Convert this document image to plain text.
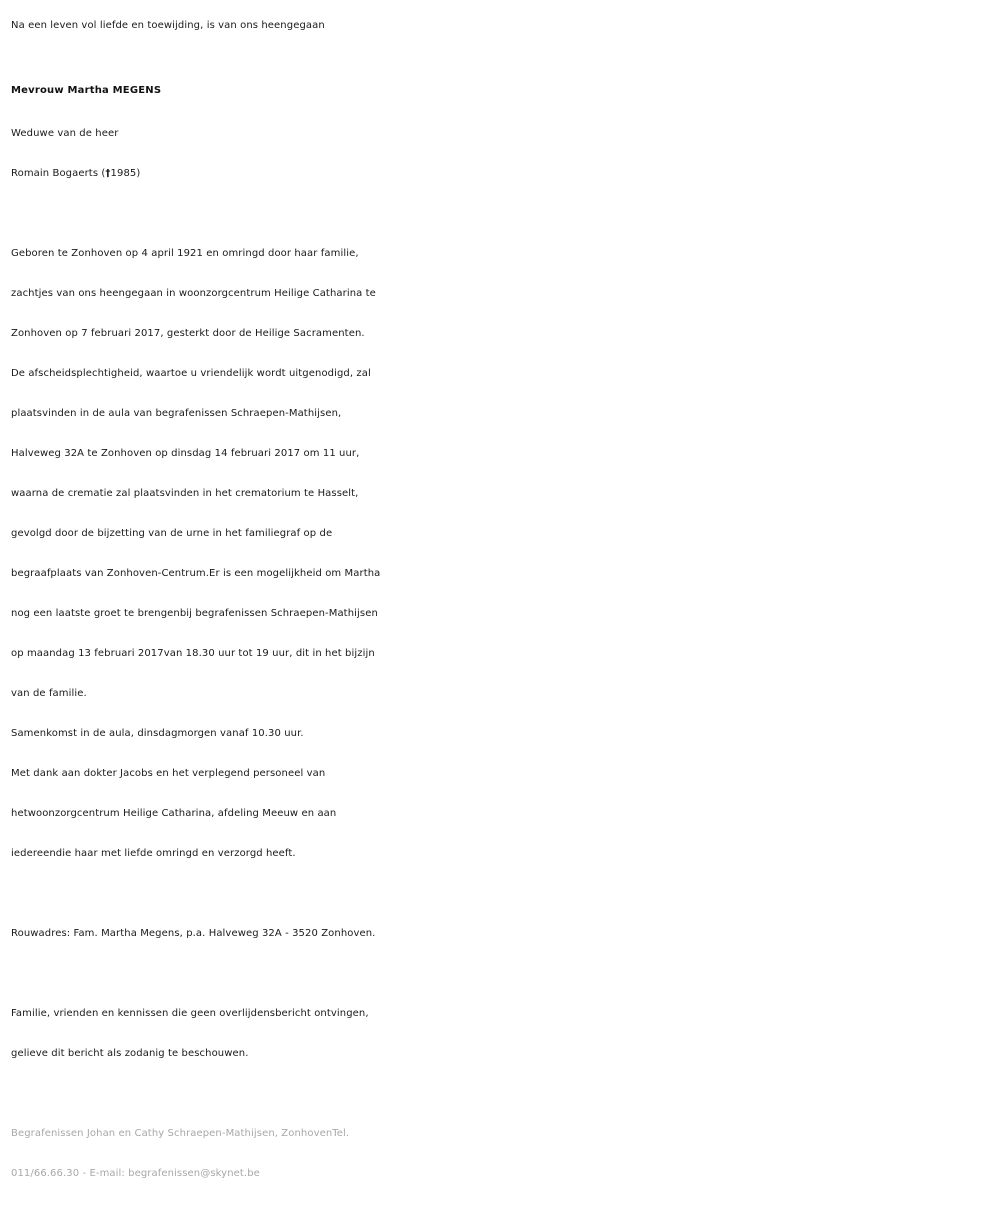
Na een leven vol liefde en toewijding, is van ons heengegaan
Mevrouw Martha MEGENS
Weduwe van de heer
Romain Bogaerts (†1985)
Geboren te Zonhoven op 4 april 1921 en omringd door haar familie,
zachtjes van ons heengegaan in woonzorgcentrum Heilige Catharina te
Zonhoven op 7 februari 2017, gesterkt door de Heilige Sacramenten.
De afscheidsplechtigheid, waartoe u vriendelijk wordt uitgenodigd, zal
plaatsvinden in de aula van begrafenissen Schraepen-Mathijsen,
Halveweg 32A te Zonhoven op dinsdag 14 februari 2017 om 11 uur,
waarna de crematie zal plaatsvinden in het crematorium te Hasselt,
gevolgd door de bijzetting van de urne in het familiegraf op de
begraafplaats van Zonhoven-Centrum.Er is een mogelijkheid om Martha
nog een laatste groet te brengenbij begrafenissen Schraepen-Mathijsen
op maandag 13 februari 2017van 18.30 uur tot 19 uur, dit in het bijzijn
van de familie.
Samenkomst in de aula, dinsdagmorgen vanaf 10.30 uur.
Met dank aan dokter Jacobs en het verplegend personeel van
hetwoonzorgcentrum Heilige Catharina, afdeling Meeuw en aan
iedereendie haar met liefde omringd en verzorgd heeft.
Rouwadres: Fam. Martha Megens, p.a. Halveweg 32A - 3520 Zonhoven.
Familie, vrienden en kennissen die geen overlijdensbericht ontvingen,
gelieve dit bericht als zodanig te beschouwen.
Begrafenissen Johan en Cathy Schraepen-Mathijsen, ZonhovenTel.
011/66.66.30 - E-mail: begrafenissen@skynet.be
